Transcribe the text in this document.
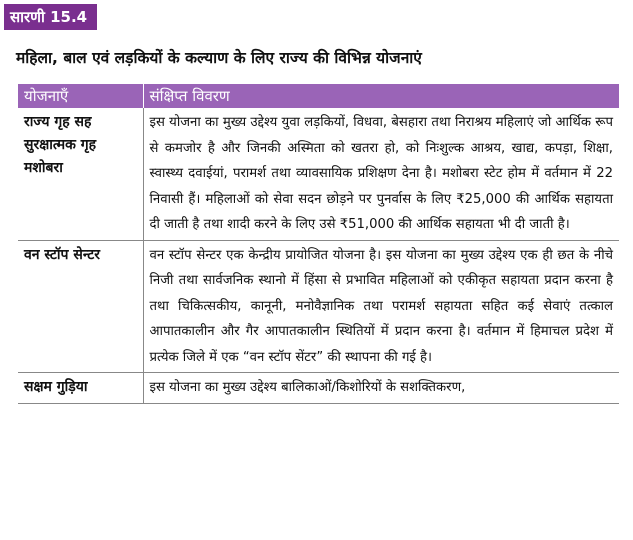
सारणी 15.4
महिला, बाल एवं लड़कियों के कल्याण के लिए राज्य की विभिन्न योजनाएं
योजनाएँ	संक्षिप्त विवरण
राज्य गृह सह सुरक्षात्मक गृह मशोबरा	इस योजना का मुख्य उद्देश्य युवा लड़कियों, विधवा, बेसहारा तथा निराश्रय महिलाएं जो आर्थिक रूप से कमजोर है और जिनकी अस्मिता को खतरा हो, को निःशुल्क आश्रय, खाद्य, कपड़ा, शिक्षा, स्वास्थ्य दवाईयां, परामर्श तथा व्यावसायिक प्रशिक्षण देना है। मशोबरा स्टेट होम में वर्तमान में 22 निवासी हैं। महिलाओं को सेवा सदन छोड़ने पर पुनर्वास के लिए ₹25,000 की आर्थिक सहायता दी जाती है तथा शादी करने के लिए उसे ₹51,000 की आर्थिक सहायता भी दी जाती है।
वन स्टॉप सेन्टर	वन स्टॉप सेन्टर एक केन्द्रीय प्रायोजित योजना है। इस योजना का मुख्य उद्देश्य एक ही छत के नीचे निजी तथा सार्वजनिक स्थानो में हिंसा से प्रभावित महिलाओं को एकीकृत सहायता प्रदान करना है तथा चिकित्सकीय, कानूनी, मनोवैज्ञानिक तथा परामर्श सहायता सहित कई सेवाएं तत्काल आपातकालीन और गैर आपातकालीन स्थितियों में प्रदान करना है। वर्तमान में हिमाचल प्रदेश में प्रत्येक जिले में एक “वन स्टॉप सेंटर” की स्थापना की गई है।
सक्षम गुड़िया	इस योजना का मुख्य उद्देश्य बालिकाओं/किशोरियों के सशक्तिकरण,
